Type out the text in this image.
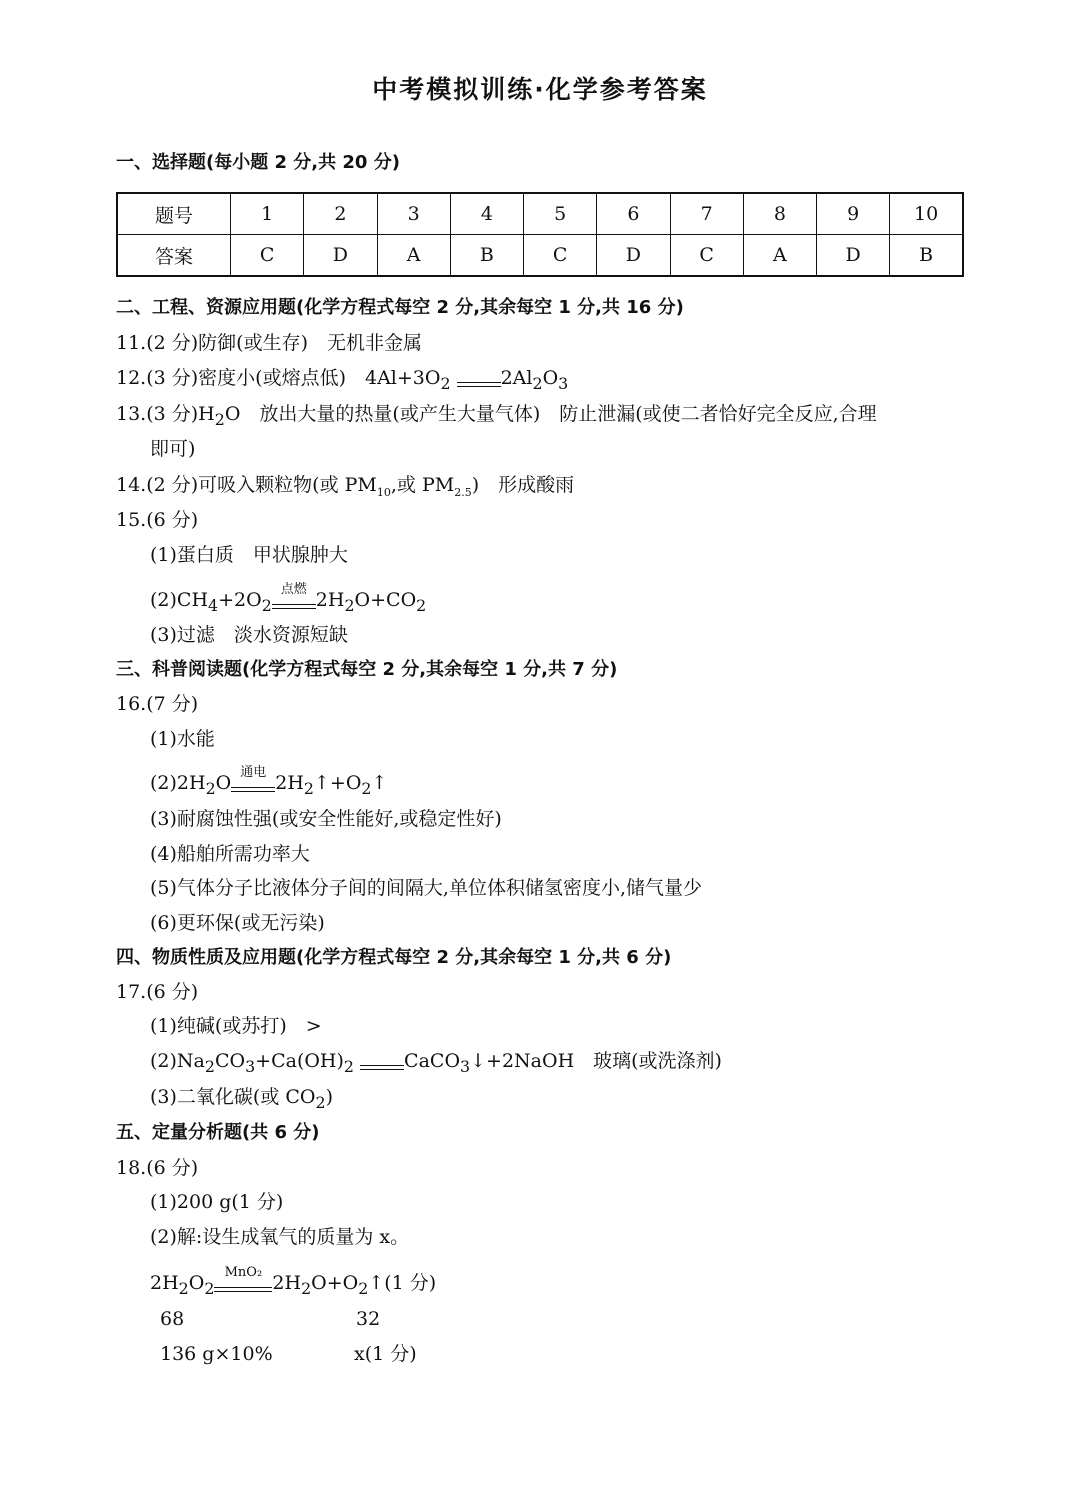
中考模拟训练·化学参考答案
一、选择题(每小题 2 分,共 20 分)
题号	1	2	3	4	5	6	7	8	9	10
答案	C	D	A	B	C	D	C	A	D	B
二、工程、资源应用题(化学方程式每空 2 分,其余每空 1 分,共 16 分)
11.(2 分)防御(或生存)　无机非金属
12.(3 分)密度小(或熔点低)　$4Al+3O_2$	$2Al_2O_3$
13.(3 分)$H_2O$　放出大量的热量(或产生大量气体)　防止泄漏(或使二者恰好完全反应,合理
即可)
14.(2 分)可吸入颗粒物(或 $PM_{10}$,或 $PM_{2.5}$)　形成酸雨
15.(6 分)
(1)蛋白质　甲状腺肿大
$(2)CH_4+2O_2$
点燃 $2H_2O+CO_2$
(3)过滤　淡水资源短缺
三、科普阅读题(化学方程式每空 2 分,其余每空 1 分,共 7 分)
16.(7 分)
(1)水能
$(2)2H_2O$ 通电 $2H_2$ ↑ $+O_2$ ↑
(3)耐腐蚀性强(或安全性能好,或稳定性好)
(4)船舶所需功率大
(5)气体分子比液体分子间的间隔大,单位体积储氢密度小,储气量少
(6)更环保(或无污染)
四、物质性质及应用题(化学方程式每空 2 分,其余每空 1 分,共 6 分)
17.(6 分)
(1)纯碱(或苏打)　>
$(2)Na_2CO_3+Ca(OH)_2$	CaCO$_3$↓+2NaOH　玻璃(或洗涤剂)
(3)二氧化碳(或 $CO_2$)
五、定量分析题(共 6 分)
18.(6 分)
(1)200 g(1 分)
(2)解:设生成氧气的质量为 x。
$2H_2O_2$
MnO₂ $2H_2O+O_2$ ↑ (1 分)
68	32
136 g×10%	x(1 分)
